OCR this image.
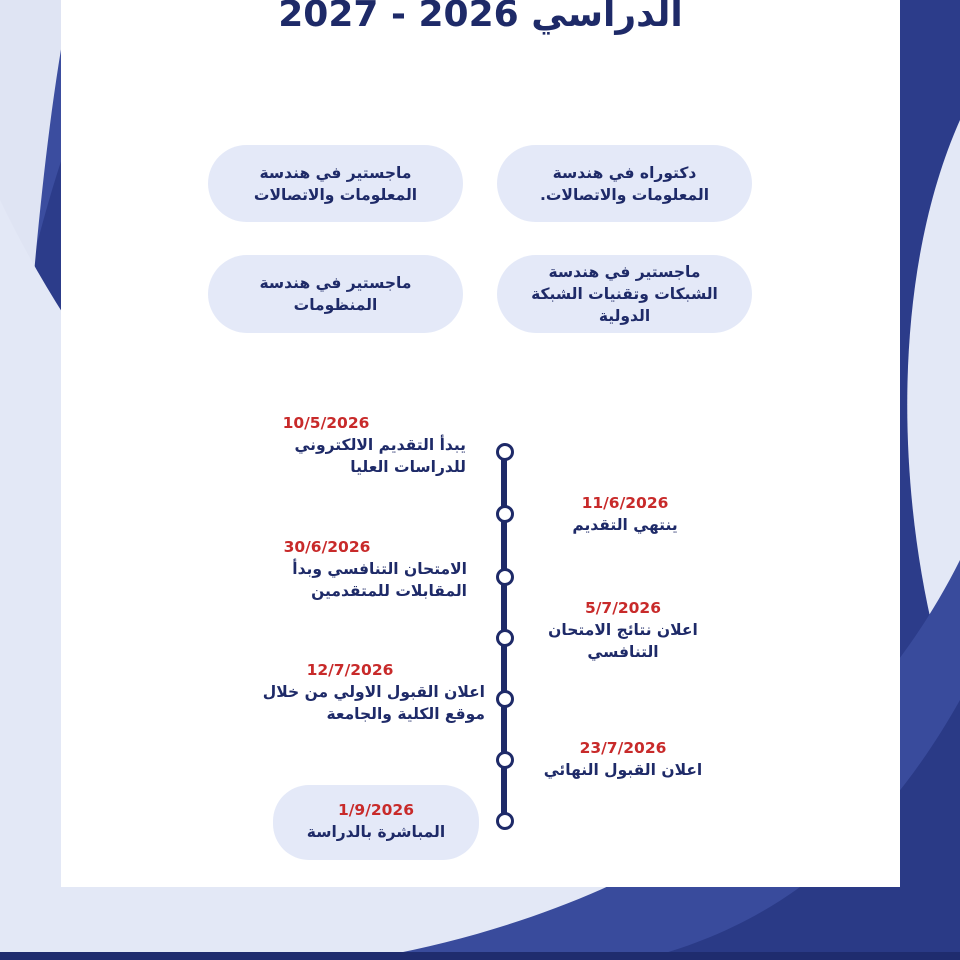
الدراسي 2026 - 2027
دكتوراه في هندسة المعلومات والاتصالات.
ماجستير في هندسة المعلومات والاتصالات
ماجستير في هندسة الشبكات وتقنيات الشبكة الدولية
ماجستير في هندسة المنظومات
10/5/2026
يبدأ التقديم الالكتروني للدراسات العليا
11/6/2026
ينتهي التقديم
30/6/2026
الامتحان التنافسي وبدأ المقابلات للمتقدمين
5/7/2026
اعلان نتائج الامتحان التنافسي
12/7/2026
اعلان القبول الاولي من خلال موقع الكلية والجامعة
23/7/2026
اعلان القبول النهائي
1/9/2026
المباشرة بالدراسة
